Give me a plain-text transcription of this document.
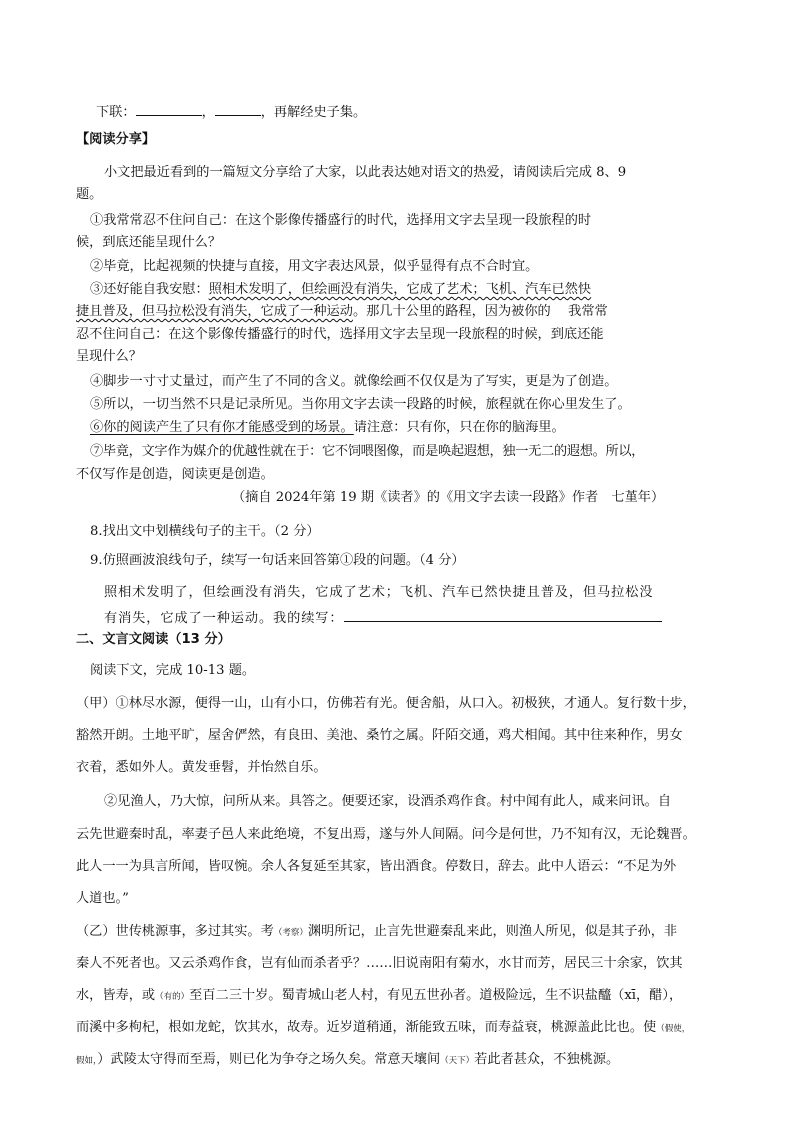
下联：	，	，再解经史子集。
【阅读分享】
小文把最近看到的一篇短文分享给了大家，以此表达她对语文的热爱，请阅读后完成 8、9
题。
①我常常忍不住问自己：在这个影像传播盛行的时代，选择用文字去呈现一段旅程的时
候，到底还能呈现什么？
②毕竟，比起视频的快捷与直接，用文字表达风景，似乎显得有点不合时宜。
③还好能自我安慰：照相术发明了，但绘画没有消失，它成了艺术；飞机、汽车已然快
捷且普及，但马拉松没有消失，它成了一种运动。那几十公里的路程，因为被你的　 我常常
忍不住问自己：在这个影像传播盛行的时代，选择用文字去呈现一段旅程的时候，到底还能
呈现什么？
④脚步一寸寸丈量过，而产生了不同的含义。就像绘画不仅仅是为了写实，更是为了创造。
⑤所以，一切当然不只是记录所见。当你用文字去读一段路的时候，旅程就在你心里发生了。
⑥你的阅读产生了只有你才能感受到的场景。请注意：只有你，只在你的脑海里。
⑦毕竟，文字作为媒介的优越性就在于：它不饲喂图像，而是唤起遐想，独一无二的遐想。所以，
不仅写作是创造，阅读更是创造。
（摘自 2024年第 19 期《读者》的《用文字去读一段路》作者　七堇年）
8.找出文中划横线句子的主干。（2 分）
9.仿照画波浪线句子，续写一句话来回答第①段的问题。（4 分）
照相术发明了，但绘画没有消失，它成了艺术；飞机、汽车已然快捷且普及，但马拉松没
有消失，它成了一种运动。我的续写：
二、文言文阅读（13 分）
阅读下文，完成 10-13 题。
（甲）①林尽水源，便得一山，山有小口，仿佛若有光。便舍船，从口入。初极狭，才通人。复行数十步，
豁然开朗。土地平旷，屋舍俨然，有良田、美池、桑竹之属。阡陌交通，鸡犬相闻。其中往来种作，男女
衣着，悉如外人。黄发垂髫，并怡然自乐。
②见渔人，乃大惊，问所从来。具答之。便要还家，设酒杀鸡作食。村中闻有此人，咸来问讯。自
云先世避秦时乱，率妻子邑人来此绝境，不复出焉，遂与外人间隔。问今是何世，乃不知有汉，无论魏晋。
此人一一为具言所闻，皆叹惋。余人各复延至其家，皆出酒食。停数日，辞去。此中人语云：“不足为外
人道也。”
（乙）世传桃源事，多过其实。考（考察）渊明所记，止言先世避秦乱来此，则渔人所见，似是其子孙，非
秦人不死者也。又云杀鸡作食，岂有仙而杀者乎？……旧说南阳有菊水，水甘而芳，居民三十余家，饮其
水，皆寿，或（有的）至百二三十岁。蜀青城山老人村，有见五世孙者。道极险远，生不识盐醯（xī，醋），
而溪中多枸杞，根如龙蛇，饮其水，故寿。近岁道稍通，渐能致五味，而寿益衰，桃源盖此比也。使（假使，
假如，）武陵太守得而至焉，则已化为争夺之场久矣。常意天壤间（天下）若此者甚众，不独桃源。
